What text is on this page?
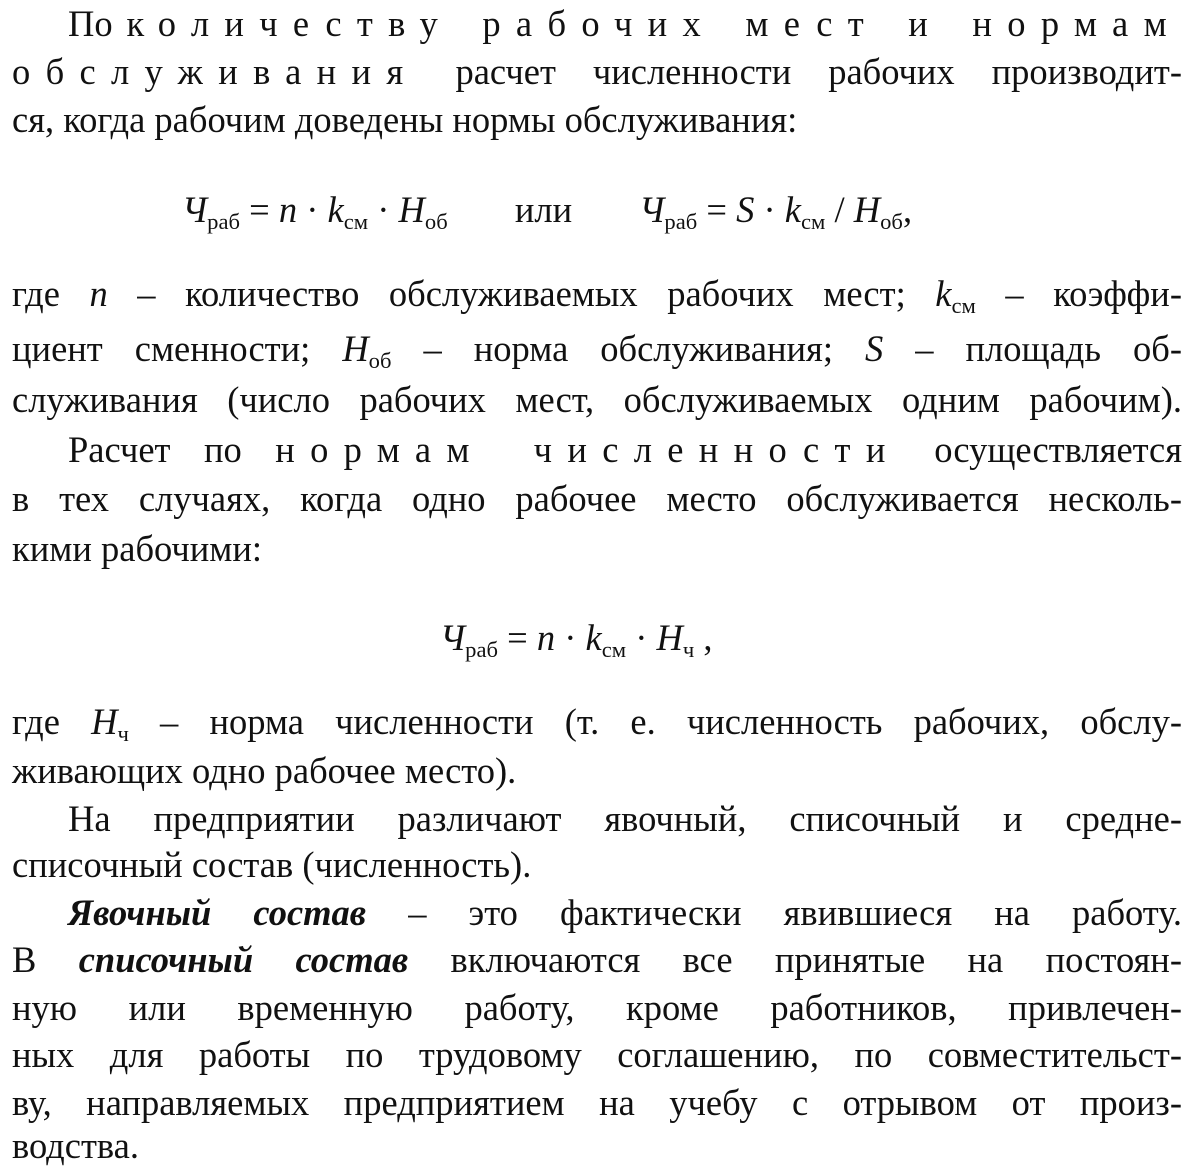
По количеству рабочих мест и нормам
обслуживания расчет численности рабочих производит-
ся, когда рабочим доведены нормы обслуживания:
$Ч_{раб} = n \cdot k_{см} \cdot Н_{об}$ или $Ч_{раб} = S \cdot k_{см} / Н_{об}$,
где n – количество обслуживаемых рабочих мест; $k_{см}$ – коэффи-
циент сменности; $Н_{об}$ – норма обслуживания; S – площадь об-
служивания (число рабочих мест, обслуживаемых одним рабочим).
Расчет по нормам численности осуществляется
в тех случаях, когда одно рабочее место обслуживается несколь-
кими рабочими:
$Ч_{раб} = n \cdot k_{см} \cdot Н_ч$ ,
где $Н_ч$ – норма численности (т. е. численность рабочих, обслу-
живающих одно рабочее место).
На предприятии различают явочный, списочный и средне-
списочный состав (численность).
Явочный состав – это фактически явившиеся на работу.
В списочный состав включаются все принятые на постоян-
ную или временную работу, кроме работников, привлечен-
ных для работы по трудовому соглашению, по совместительст-
ву, направляемых предприятием на учебу с отрывом от произ-
водства.
